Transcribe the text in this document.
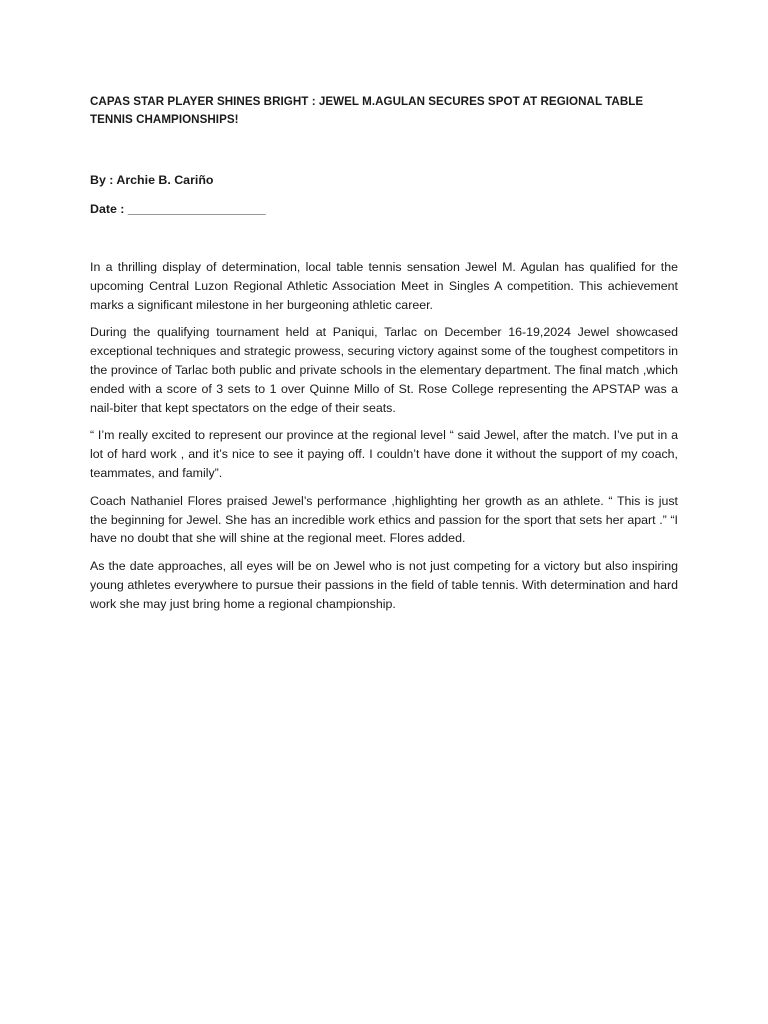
CAPAS STAR PLAYER SHINES BRIGHT : JEWEL M.AGULAN SECURES SPOT AT REGIONAL TABLE TENNIS CHAMPIONSHIPS!

By : Archie B. Cariño

Date : ____________________

In a thrilling display of determination, local table tennis sensation Jewel M. Agulan has qualified for the upcoming Central Luzon Regional Athletic Association Meet in Singles A competition. This achievement marks a significant milestone in her burgeoning athletic career.

During the qualifying tournament held at Paniqui, Tarlac on December 16-19,2024 Jewel showcased exceptional techniques and strategic prowess, securing victory against some of the toughest competitors in the province of Tarlac both public and private schools in the elementary department. The final match ,which ended with a score of 3 sets to 1 over Quinne Millo of St. Rose College representing the APSTAP was a nail-biter that kept spectators on the edge of their seats.

“ I’m really excited to represent our province at the regional level “ said Jewel, after the match. I’ve put in a lot of hard work , and it’s nice to see it paying off. I couldn’t have done it without the support of my coach, teammates, and family”.

Coach Nathaniel Flores praised Jewel’s performance ,highlighting her growth as an athlete. “ This is just the beginning for Jewel. She has an incredible work ethics and passion for the sport that sets her apart .” “I have no doubt that she will shine at the regional meet. Flores added.

As the date approaches, all eyes will be on Jewel who is not just competing for a victory but also inspiring young athletes everywhere to pursue their passions in the field of table tennis. With determination and hard work she may just bring home a regional championship.
